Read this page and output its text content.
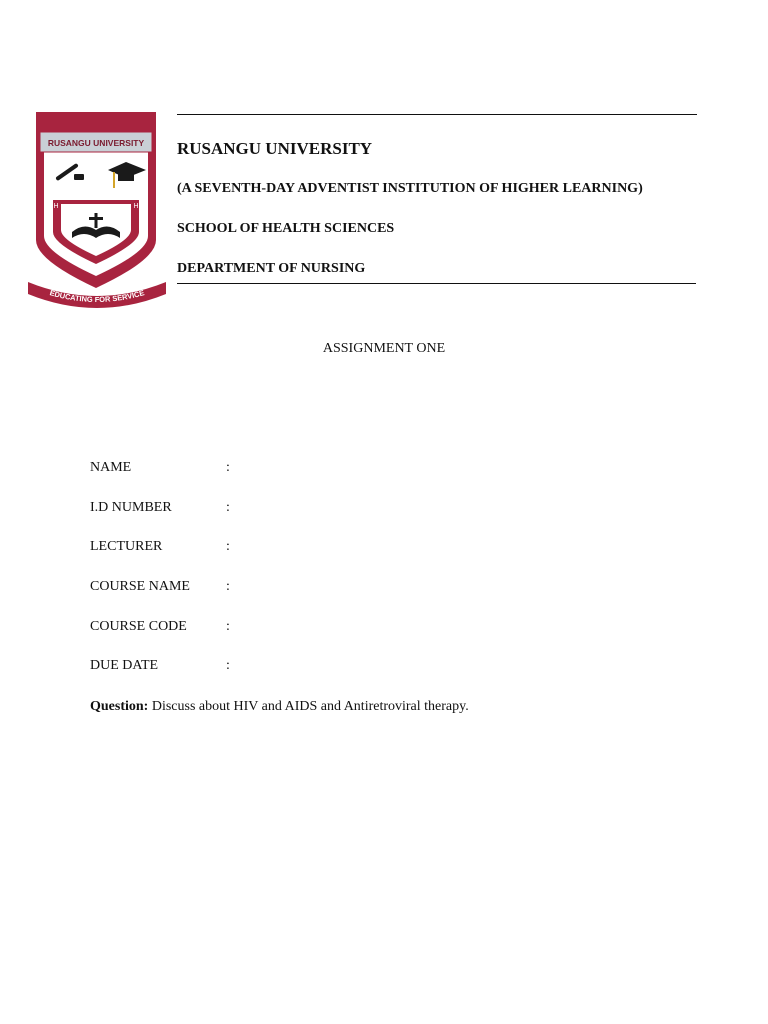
RUSANGU UNIVERSITY
H	H
H
EDUCATING FOR SERVICE
RUSANGU UNIVERSITY
(A SEVENTH-DAY ADVENTIST INSTITUTION OF HIGHER LEARNING)
SCHOOL OF HEALTH SCIENCES
DEPARTMENT OF NURSING
ASSIGNMENT ONE
NAME	:
I.D NUMBER	:
LECTURER	:
COURSE NAME	:
COURSE CODE	:
DUE DATE	:
Question: Discuss about HIV and AIDS and Antiretroviral therapy.
